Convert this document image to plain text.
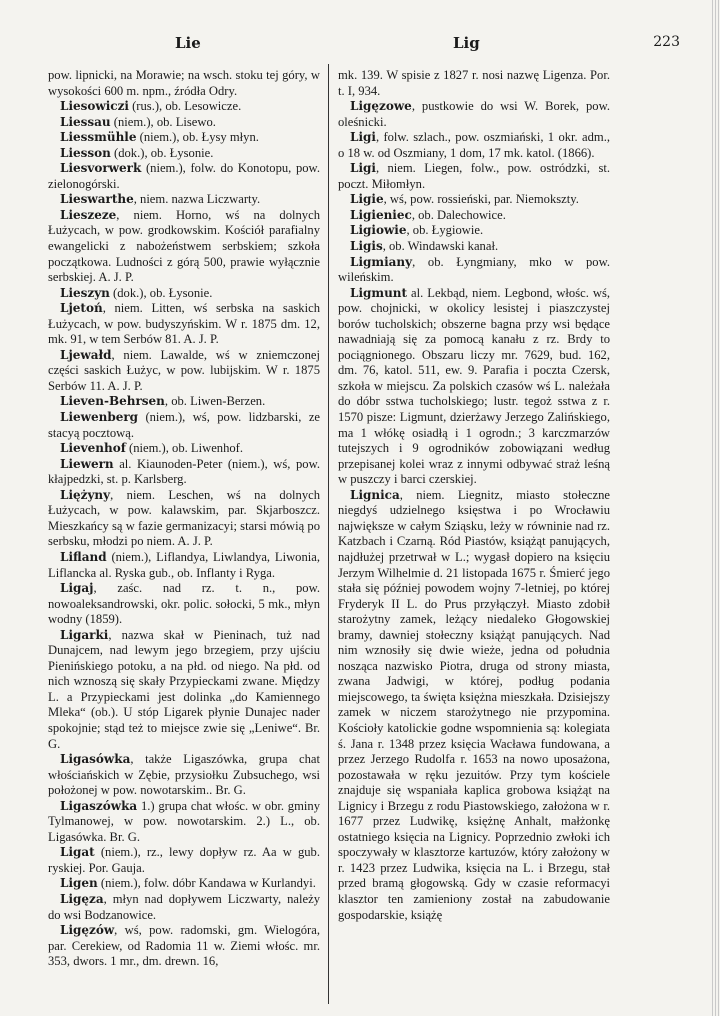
Lie	Lig	223

pow. lipnicki, na Morawie; na wsch. stoku tej góry, w wysokości 600 m. npm., źródła Odry.

Liesowiczi (rus.), ob. Lesowicze.

Liessau (niem.), ob. Lisewo.

Liessmühle (niem.), ob. Łysy młyn.

Liesson (dok.), ob. Łysonie.

Liesvorwerk (niem.), folw. do Konotopu, pow. zielonogórski.

Lieswarthe, niem. nazwa Liczwarty.

Lieszeze, niem. Horno, wś na dolnych Łużycach, w pow. grodkowskim. Kościół parafialny ewangelicki z nabożeństwem serbskiem; szkoła początkowa. Ludności z górą 500, prawie wyłącznie serbskiej. A. J. P.

Lieszyn (dok.), ob. Łysonie.

Ljetoń, niem. Litten, wś serbska na saskich Łużycach, w pow. budyszyńskim. W r. 1875 dm. 12, mk. 91, w tem Serbów 81. A. J. P.

Ljewałd, niem. Lawalde, wś w zniemczonej części saskich Łużyc, w pow. lubijskim. W r. 1875 Serbów 11. A. J. P.

Lieven-Behrsen, ob. Liwen-Berzen.

Liewenberg (niem.), wś, pow. lidzbarski, ze stacyą pocztową.

Lievenhof (niem.), ob. Liwenhof.

Liewern al. Kiaunoden-Peter (niem.), wś, pow. kłajpedzki, st. p. Karlsberg.

Liężyny, niem. Leschen, wś na dolnych Łużycach, w pow. kalawskim, par. Skjarboszcz. Mieszkańcy są w fazie germanizacyi; starsi mówią po serbsku, młodzi po niem. A. J. P.

Lifland (niem.), Liflandya, Liwlandya, Liwonia, Liflancka al. Ryska gub., ob. Inflanty i Ryga.

Ligaj, zaśc. nad rz. t. n., pow. nowoaleksandrowski, okr. polic. sołocki, 5 mk., młyn wodny (1859).

Ligarki, nazwa skał w Pieninach, tuż nad Dunajcem, nad lewym jego brzegiem, przy ujściu Pienińskiego potoku, a na płd. od niego. Na płd. od nich wznoszą się skały Przypieckami zwane. Między L. a Przypieckami jest dolinka „do Kamiennego Mleka“ (ob.). U stóp Ligarek płynie Dunajec nader spokojnie; stąd też to miejsce zwie się „Leniwe“. Br. G.

Ligasówka, także Ligaszówka, grupa chat włościańskich w Zębie, przysiołku Zubsuchego, wsi położonej w pow. nowotarskim.. Br. G.

Ligaszówka 1.) grupa chat włośc. w obr. gminy Tylmanowej, w pow. nowotarskim. 2.) L., ob. Ligasówka. Br. G.

Ligat (niem.), rz., lewy dopływ rz. Aa w gub. ryskiej. Por. Gauja.

Ligen (niem.), folw. dóbr Kandawa w Kurlandyi.

Ligęza, młyn nad dopływem Liczwarty, należy do wsi Bodzanowice.

Ligęzów, wś, pow. radomski, gm. Wielogóra, par. Cerekiew, od Radomia 11 w. Ziemi włośc. mr. 353, dwors. 1 mr., dm. drewn. 16,

mk. 139. W spisie z 1827 r. nosi nazwę Ligenza. Por. t. I, 934.

Ligęzowe, pustkowie do wsi W. Borek, pow. oleśnicki.

Ligi, folw. szlach., pow. oszmiański, 1 okr. adm., o 18 w. od Oszmiany, 1 dom, 17 mk. katol. (1866).

Ligi, niem. Liegen, folw., pow. ostródzki, st. poczt. Miłomłyn.

Ligie, wś, pow. rossieński, par. Niemokszty.

Ligieniec, ob. Dalechowice.

Ligiowie, ob. Łygiowie.

Ligis, ob. Windawski kanał.

Ligmiany, ob. Łyngmiany, mko w pow. wileńskim.

Ligmunt al. Lekbąd, niem. Legbond, włośc. wś, pow. chojnicki, w okolicy lesistej i piaszczystej borów tucholskich; obszerne bagna przy wsi będące nawadniają się za pomocą kanału z rz. Brdy to pociągnionego. Obszaru liczy mr. 7629, bud. 162, dm. 76, katol. 511, ew. 9. Parafia i poczta Czersk, szkoła w miejscu. Za polskich czasów wś L. należała do dóbr sstwa tucholskiego; lustr. tegoż sstwa z r. 1570 pisze: Ligmunt, dzierżawy Jerzego Zalińskiego, ma 1 włókę osiadłą i 1 ogrodn.; 3 karczmarzów tutejszych i 9 ogrodników zobowiązani według przepisanej kolei wraz z innymi odbywać straż leśną w puszczy i barci czerskiej.

Lignica, niem. Liegnitz, miasto stołeczne niegdyś udzielnego księstwa i po Wrocławiu największe w całym Sziąsku, leży w równinie nad rz. Katzbach i Czarną. Ród Piastów, książąt panujących, najdłużej przetrwał w L.; wygasł dopiero na księciu Jerzym Wilhelmie d. 21 listopada 1675 r. Śmierć jego stała się później powodem wojny 7-letniej, po której Fryderyk II L. do Prus przyłączył. Miasto zdobił starożytny zamek, leżący niedaleko Głogowskiej bramy, dawniej stołeczny książąt panujących. Nad nim wznosiły się dwie wieże, jedna od południa nosząca nazwisko Piotra, druga od strony miasta, zwana Jadwigi, w której, podług podania miejscowego, ta święta księżna mieszkała. Dzisiejszy zamek w niczem starożytnego nie przypomina. Kościoły katolickie godne wspomnienia są: kolegiata ś. Jana r. 1348 przez księcia Wacława fundowana, a przez Jerzego Rudolfa r. 1653 na nowo uposażona, pozostawała w ręku jezuitów. Przy tym kościele znajduje się wspaniała kaplica grobowa książąt na Lignicy i Brzegu z rodu Piastowskiego, założona w r. 1677 przez Ludwikę, księżnę Anhalt, małżonkę ostatniego księcia na Lignicy. Poprzednio zwłoki ich spoczywały w klasztorze kartuzów, który założony w r. 1423 przez Ludwika, księcia na L. i Brzegu, stał przed bramą głogowską. Gdy w czasie reformacyi klasztor ten zamieniony został na zabudowanie gospodarskie, książę
